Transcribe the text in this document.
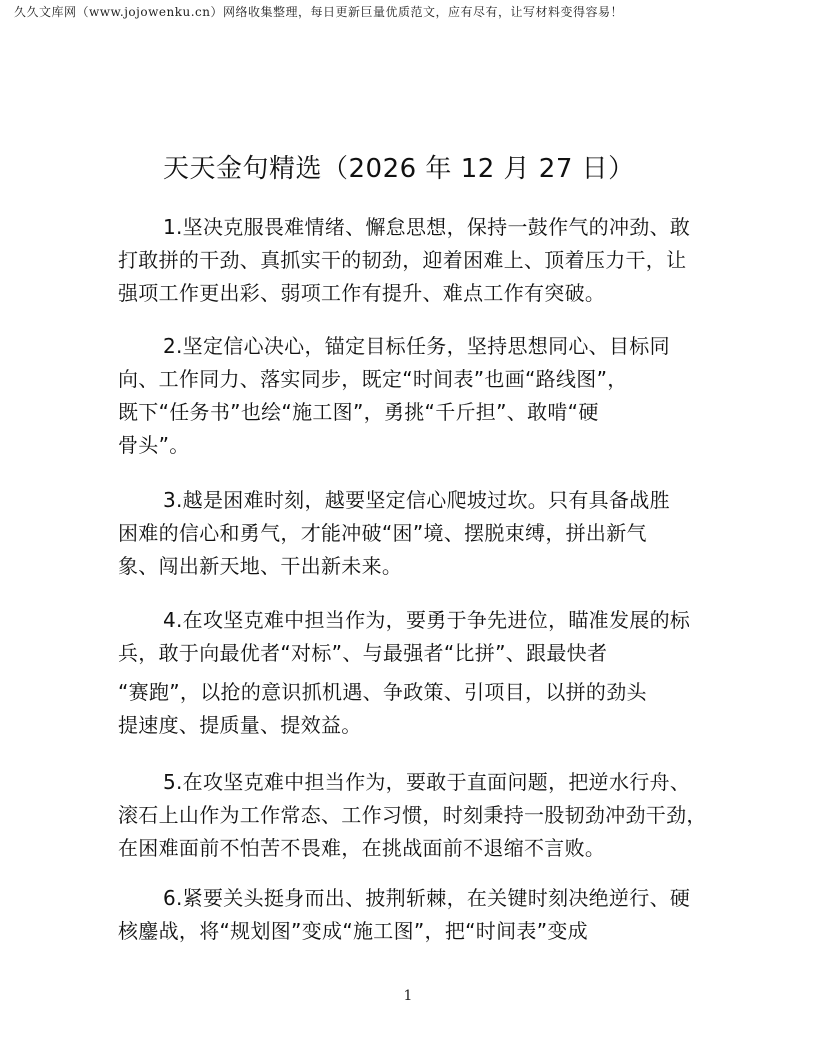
久久文库网（www.jojowenku.cn）网络收集整理，每日更新巨量优质范文，应有尽有，让写材料变得容易！
天天金句精选（2026 年 12 月 27 日）
1.坚决克服畏难情绪、懈怠思想，保持一鼓作气的冲劲、敢
打敢拼的干劲、真抓实干的韧劲，迎着困难上、顶着压力干，让
强项工作更出彩、弱项工作有提升、难点工作有突破。
2.坚定信心决心，锚定目标任务，坚持思想同心、目标同
向、工作同力、落实同步，既定“时间表”也画“路线图”，
既下“任务书”也绘“施工图”，勇挑“千斤担”、敢啃“硬
骨头”。
3.越是困难时刻，越要坚定信心爬坡过坎。只有具备战胜
困难的信心和勇气，才能冲破“困”境、摆脱束缚，拼出新气
象、闯出新天地、干出新未来。
4.在攻坚克难中担当作为，要勇于争先进位，瞄准发展的标
兵，敢于向最优者“对标”、与最强者“比拼”、跟最快者
“赛跑”，以抢的意识抓机遇、争政策、引项目，以拼的劲头
提速度、提质量、提效益。
5.在攻坚克难中担当作为，要敢于直面问题，把逆水行舟、
滚石上山作为工作常态、工作习惯，时刻秉持一股韧劲冲劲干劲，
在困难面前不怕苦不畏难，在挑战面前不退缩不言败。
6.紧要关头挺身而出、披荆斩棘，在关键时刻决绝逆行、硬
核鏖战，将“规划图”变成“施工图”，把“时间表”变成
1
